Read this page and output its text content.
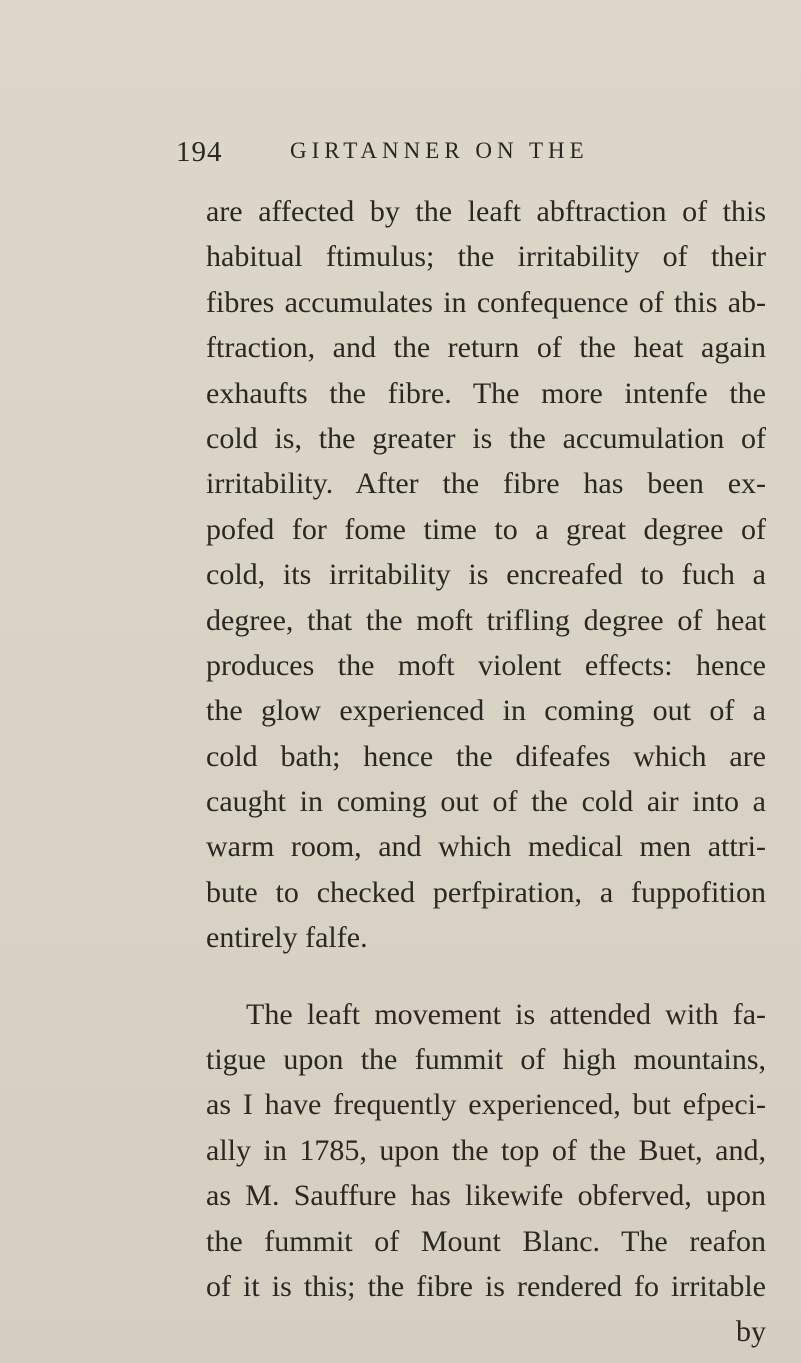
194	GIRTANNER ON THE
are affected by the leaft abftraction of this
habitual ftimulus; the irritability of their
fibres accumulates in confequence of this ab-
ftraction, and the return of the heat again
exhaufts the fibre. The more intenfe the
cold is, the greater is the accumulation of
irritability. After the fibre has been ex-
pofed for fome time to a great degree of
cold, its irritability is encreafed to fuch a
degree, that the moft trifling degree of heat
produces the moft violent effects: hence
the glow experienced in coming out of a
cold bath; hence the difeafes which are
caught in coming out of the cold air into a
warm room, and which medical men attri-
bute to checked perfpiration, a fuppofition
entirely falfe.
The leaft movement is attended with fa-
tigue upon the fummit of high mountains,
as I have frequently experienced, but efpeci-
ally in 1785, upon the top of the Buet, and,
as M. Sauffure has likewife obferved, upon
the fummit of Mount Blanc. The reafon
of it is this; the fibre is rendered fo irritable
by
